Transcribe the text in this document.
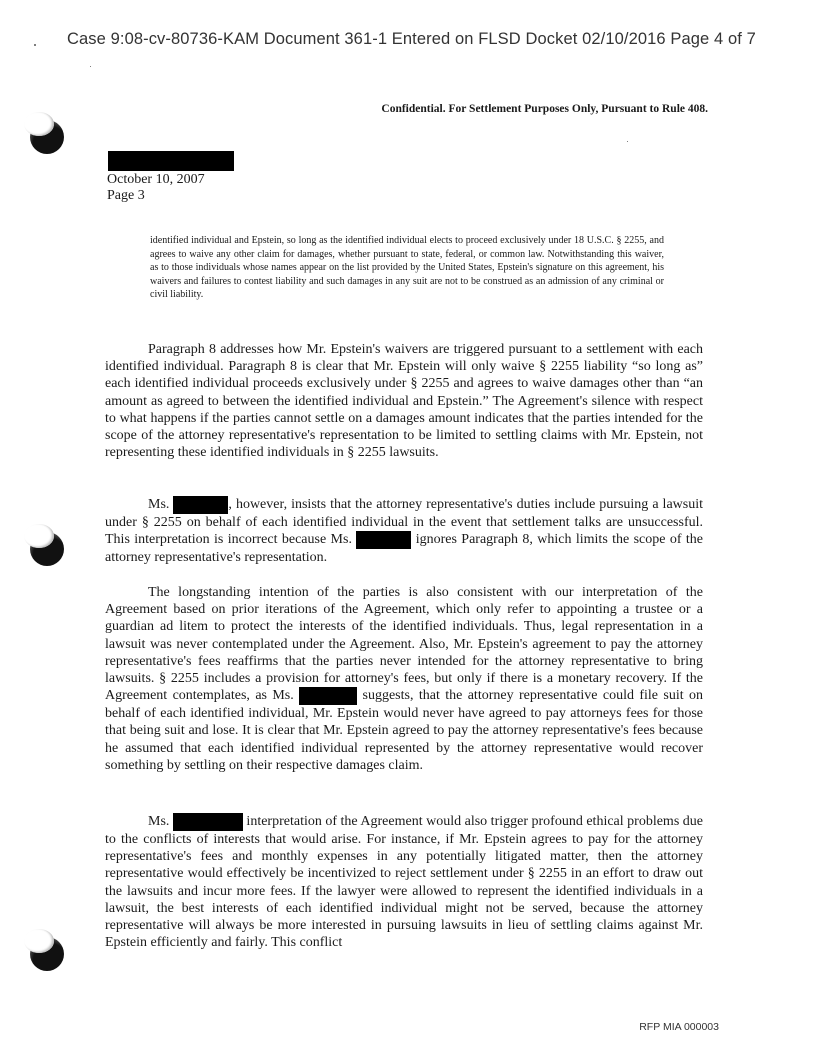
Case 9:08-cv-80736-KAM Document 361-1 Entered on FLSD Docket 02/10/2016 Page 4 of 7
Confidential. For Settlement Purposes Only, Pursuant to Rule 408.
October 10, 2007
Page 3
identified individual and Epstein, so long as the identified individual elects to proceed exclusively under 18 U.S.C. § 2255, and agrees to waive any other claim for damages, whether pursuant to state, federal, or common law. Notwithstanding this waiver, as to those individuals whose names appear on the list provided by the United States, Epstein's signature on this agreement, his waivers and failures to contest liability and such damages in any suit are not to be construed as an admission of any criminal or civil liability.

Paragraph 8 addresses how Mr. Epstein's waivers are triggered pursuant to a settlement with each identified individual. Paragraph 8 is clear that Mr. Epstein will only waive § 2255 liability “so long as” each identified individual proceeds exclusively under § 2255 and agrees to waive damages other than “an amount as agreed to between the identified individual and Epstein.” The Agreement's silence with respect to what happens if the parties cannot settle on a damages amount indicates that the parties intended for the scope of the attorney representative's representation to be limited to settling claims with Mr. Epstein, not representing these identified individuals in § 2255 lawsuits.

Ms.	, however, insists that the attorney representative's duties include pursuing a lawsuit under § 2255 on behalf of each identified individual in the event that settlement talks are unsuccessful. This interpretation is incorrect because Ms.	ignores Paragraph 8, which limits the scope of the attorney representative's representation.

The longstanding intention of the parties is also consistent with our interpretation of the Agreement based on prior iterations of the Agreement, which only refer to appointing a trustee or a guardian ad litem to protect the interests of the identified individuals. Thus, legal representation in a lawsuit was never contemplated under the Agreement. Also, Mr. Epstein's agreement to pay the attorney representative's fees reaffirms that the parties never intended for the attorney representative to bring lawsuits. § 2255 includes a provision for attorney's fees, but only if there is a monetary recovery. If the Agreement contemplates, as Ms.	suggests, that the attorney representative could file suit on behalf of each identified individual, Mr. Epstein would never have agreed to pay attorneys fees for those that being suit and lose. It is clear that Mr. Epstein agreed to pay the attorney representative's fees because he assumed that each identified individual represented by the attorney representative would recover something by settling on their respective damages claim.

Ms.	interpretation of the Agreement would also trigger profound ethical problems due to the conflicts of interests that would arise. For instance, if Mr. Epstein agrees to pay for the attorney representative's fees and monthly expenses in any potentially litigated matter, then the attorney representative would effectively be incentivized to reject settlement under § 2255 in an effort to draw out the lawsuits and incur more fees. If the lawyer were allowed to represent the identified individuals in a lawsuit, the best interests of each identified individual might not be served, because the attorney representative will always be more interested in pursuing lawsuits in lieu of settling claims against Mr. Epstein efficiently and fairly. This conflict

RFP MIA 000003
